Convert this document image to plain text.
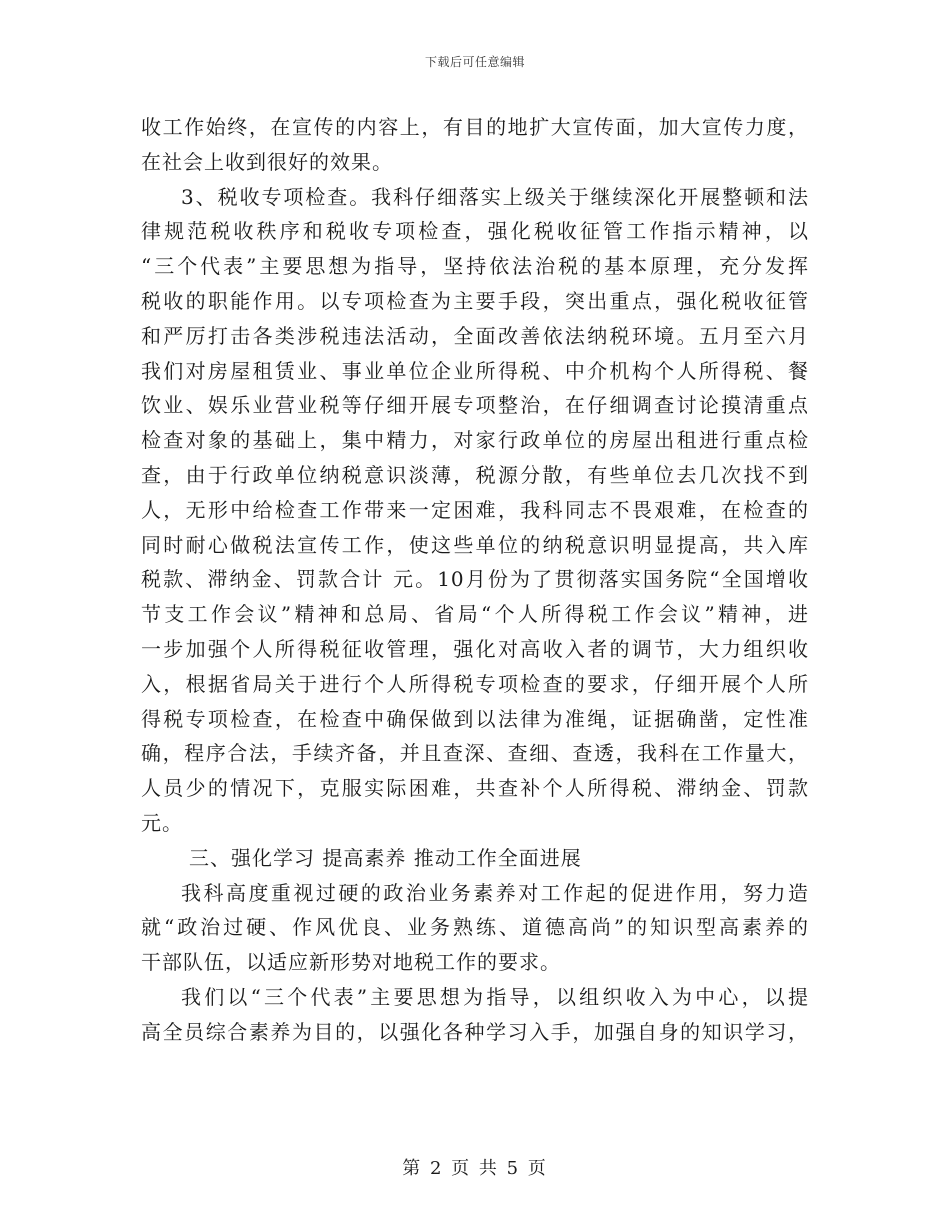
下载后可任意编辑
收工作始终，在宣传的内容上，有目的地扩大宣传面，加大宣传力度，
在社会上收到很好的效果。
3、税收专项检查。我科仔细落实上级关于继续深化开展整顿和法
律规范税收秩序和税收专项检查，强化税收征管工作指示精神，以
“三个代表”主要思想为指导，坚持依法治税的基本原理，充分发挥
税收的职能作用。以专项检查为主要手段，突出重点，强化税收征管
和严厉打击各类涉税违法活动，全面改善依法纳税环境。五月至六月
我们对房屋租赁业、事业单位企业所得税、中介机构个人所得税、餐
饮业、娱乐业营业税等仔细开展专项整治，在仔细调查讨论摸清重点
检查对象的基础上，集中精力，对家行政单位的房屋出租进行重点检
查，由于行政单位纳税意识淡薄，税源分散，有些单位去几次找不到
人，无形中给检查工作带来一定困难，我科同志不畏艰难，在检查的
同时耐心做税法宣传工作，使这些单位的纳税意识明显提高，共入库
税款、滞纳金、罚款合计 元。10月份为了贯彻落实国务院“全国增收
节支工作会议”精神和总局、省局“个人所得税工作会议”精神，进
一步加强个人所得税征收管理，强化对高收入者的调节，大力组织收
入，根据省局关于进行个人所得税专项检查的要求，仔细开展个人所
得税专项检查，在检查中确保做到以法律为准绳，证据确凿，定性准
确，程序合法，手续齐备，并且查深、查细、查透，我科在工作量大，
人员少的情况下，克服实际困难，共查补个人所得税、滞纳金、罚款
元。
三、强化学习 提高素养 推动工作全面进展
我科高度重视过硬的政治业务素养对工作起的促进作用，努力造
就“政治过硬、作风优良、业务熟练、道德高尚”的知识型高素养的
干部队伍，以适应新形势对地税工作的要求。
我们以“三个代表”主要思想为指导，以组织收入为中心，以提
高全员综合素养为目的，以强化各种学习入手，加强自身的知识学习，
第 2 页 共 5 页
